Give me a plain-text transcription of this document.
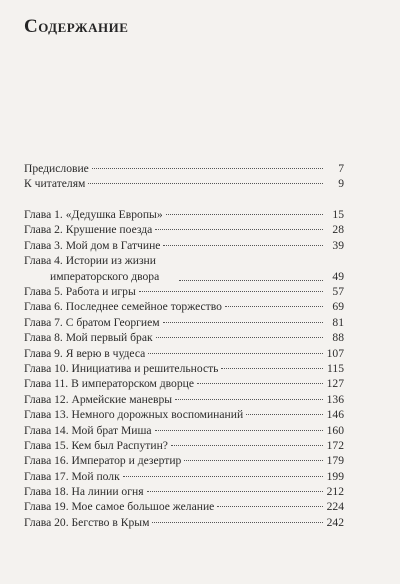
Содержание
Предисловие	7
К читателям	9
Глава 1. «Дедушка Европы»	15
Глава 2. Крушение поезда	28
Глава 3. Мой дом в Гатчине	39
Глава 4. Истории из жизни
императорского двора	49
Глава 5. Работа и игры	57
Глава 6. Последнее семейное торжество	69
Глава 7. С братом Георгием	81
Глава 8. Мой первый брак	88
Глава 9. Я верю в чудеса	107
Глава 10. Инициатива и решительность	115
Глава 11. В императорском дворце	127
Глава 12. Армейские маневры	136
Глава 13. Немного дорожных воспоминаний	146
Глава 14. Мой брат Миша	160
Глава 15. Кем был Распутин?	172
Глава 16. Император и дезертир	179
Глава 17. Мой полк	199
Глава 18. На линии огня	212
Глава 19. Мое самое большое желание	224
Глава 20. Бегство в Крым	242
